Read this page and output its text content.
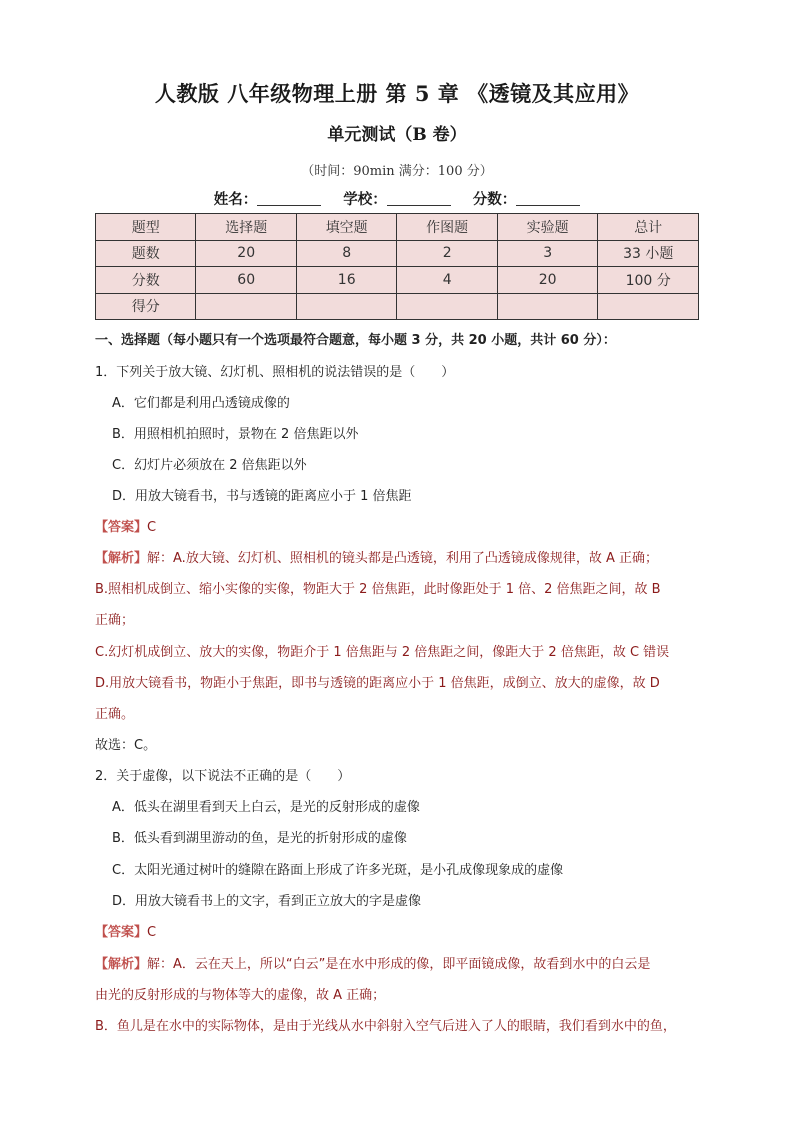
人教版 八年级物理上册 第 5 章 《透镜及其应用》
单元测试（B 卷）
（时间：90min 满分：100 分）
姓名：	学校：	分数：
题型	选择题	填空题	作图题	实验题	总计
题数	20	8	2	3	33 小题
分数	60	16	4	20	100 分
得分					
一、选择题（每小题只有一个选项最符合题意，每小题 3 分，共 20 小题，共计 60 分）：
1．下列关于放大镜、幻灯机、照相机的说法错误的是（　　）
A．它们都是利用凸透镜成像的
B．用照相机拍照时，景物在 2 倍焦距以外
C．幻灯片必须放在 2 倍焦距以外
D．用放大镜看书，书与透镜的距离应小于 1 倍焦距
【答案】C
【解析】解：A.放大镜、幻灯机、照相机的镜头都是凸透镜，利用了凸透镜成像规律，故 A 正确；
B.照相机成倒立、缩小实像的实像，物距大于 2 倍焦距，此时像距处于 1 倍、2 倍焦距之间，故 B
正确；
C.幻灯机成倒立、放大的实像，物距介于 1 倍焦距与 2 倍焦距之间，像距大于 2 倍焦距，故 C 错误
D.用放大镜看书，物距小于焦距，即书与透镜的距离应小于 1 倍焦距，成倒立、放大的虚像，故 D
正确。
故选：C。
2．关于虚像，以下说法不正确的是（　　）
A．低头在湖里看到天上白云，是光的反射形成的虚像
B．低头看到湖里游动的鱼，是光的折射形成的虚像
C．太阳光通过树叶的缝隙在路面上形成了许多光斑，是小孔成像现象成的虚像
D．用放大镜看书上的文字，看到正立放大的字是虚像
【答案】C
【解析】解：A．云在天上，所以“白云”是在水中形成的像，即平面镜成像，故看到水中的白云是
由光的反射形成的与物体等大的虚像，故 A 正确；
B．鱼儿是在水中的实际物体，是由于光线从水中斜射入空气后进入了人的眼睛，我们看到水中的鱼，
